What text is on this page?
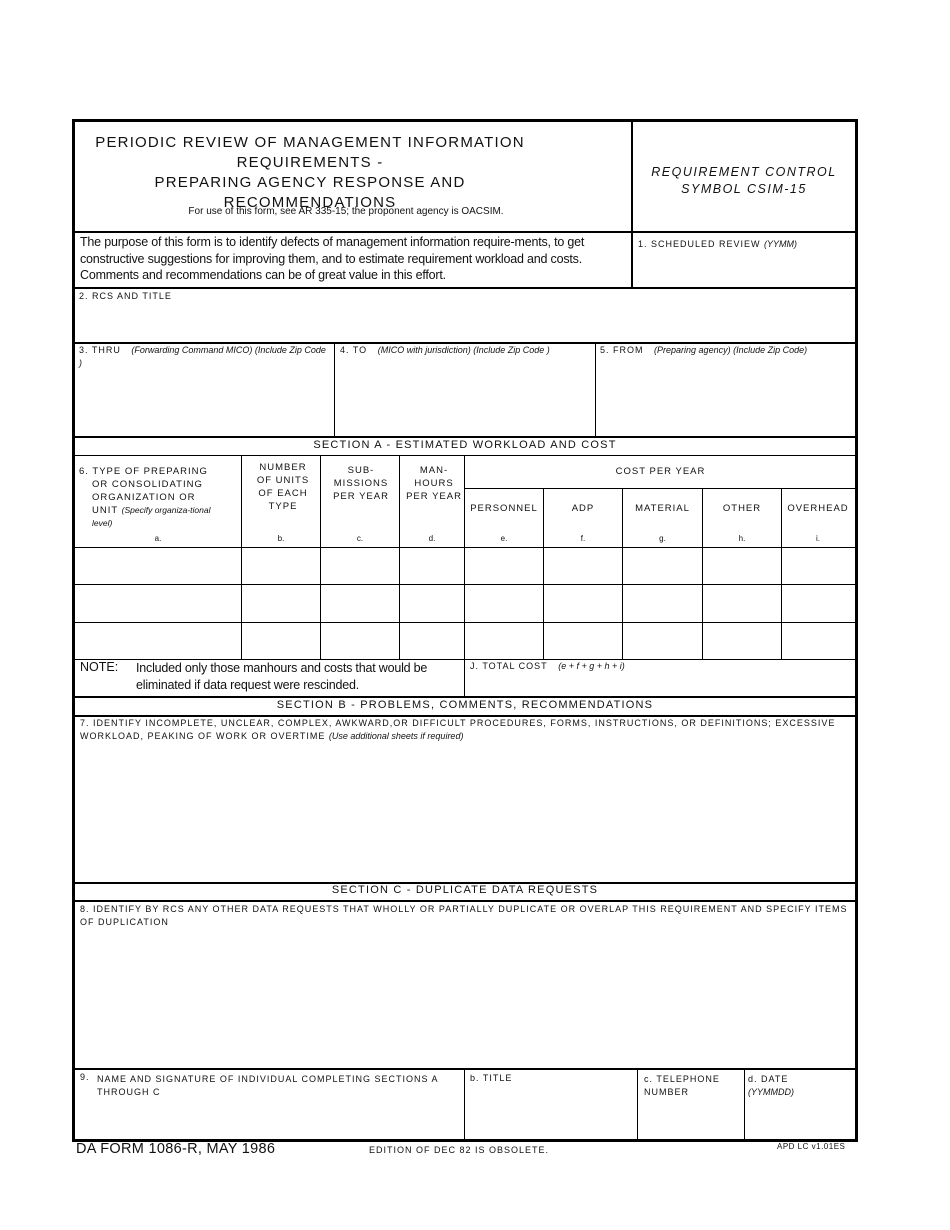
PERIODIC REVIEW OF MANAGEMENT INFORMATION
REQUIREMENTS -
PREPARING AGENCY RESPONSE AND RECOMMENDATIONS
For use of this form, see AR 335-15; the proponent agency is OACSIM.
REQUIREMENT CONTROL
SYMBOL CSIM-15
The purpose of this form is to identify defects of management information require-ments, to get constructive suggestions for improving them, and to estimate requirement workload and costs. Comments and recommendations can be of great value in this effort.
1. SCHEDULED REVIEW (YYMM)
2. RCS AND TITLE
3. THRU (Forwarding Command MICO) (Include Zip Code )
4. TO (MICO with jurisdiction) (Include Zip Code )	5. FROM (Preparing agency) (Include Zip Code)
SECTION A - ESTIMATED WORKLOAD AND COST
6. TYPE OF PREPARING
OR CONSOLIDATING
ORGANIZATION OR
UNIT (Specify organiza-tional level)
NUMBER OF UNITS OF EACH TYPE
SUB-MISSIONS PER YEAR
MAN-HOURS PER YEAR
COST PER YEAR
PERSONNEL	ADP	MATERIAL	OTHER	OVERHEAD
a.	b.	c.	d.	e.	f.	g.	h.	i.
NOTE: Included only those manhours and costs that would be eliminated if data request were rescinded.
J. TOTAL COST (e + f + g + h + i)
SECTION B - PROBLEMS, COMMENTS, RECOMMENDATIONS
7. IDENTIFY INCOMPLETE, UNCLEAR, COMPLEX, AWKWARD,OR DIFFICULT PROCEDURES, FORMS, INSTRUCTIONS, OR DEFINITIONS; EXCESSIVE WORKLOAD, PEAKING OF WORK OR OVERTIME (Use additional sheets if required)
SECTION C - DUPLICATE DATA REQUESTS
8. IDENTIFY BY RCS ANY OTHER DATA REQUESTS THAT WHOLLY OR PARTIALLY DUPLICATE OR OVERLAP THIS REQUIREMENT AND SPECIFY ITEMS OF DUPLICATION
9. NAME AND SIGNATURE OF INDIVIDUAL COMPLETING SECTIONS A THROUGH C
b. TITLE	c. TELEPHONE NUMBER
d. DATE
(YYMMDD)
DA FORM 1086-R, MAY 1986	EDITION OF DEC 82 IS OBSOLETE.	APD LC v1.01ES
